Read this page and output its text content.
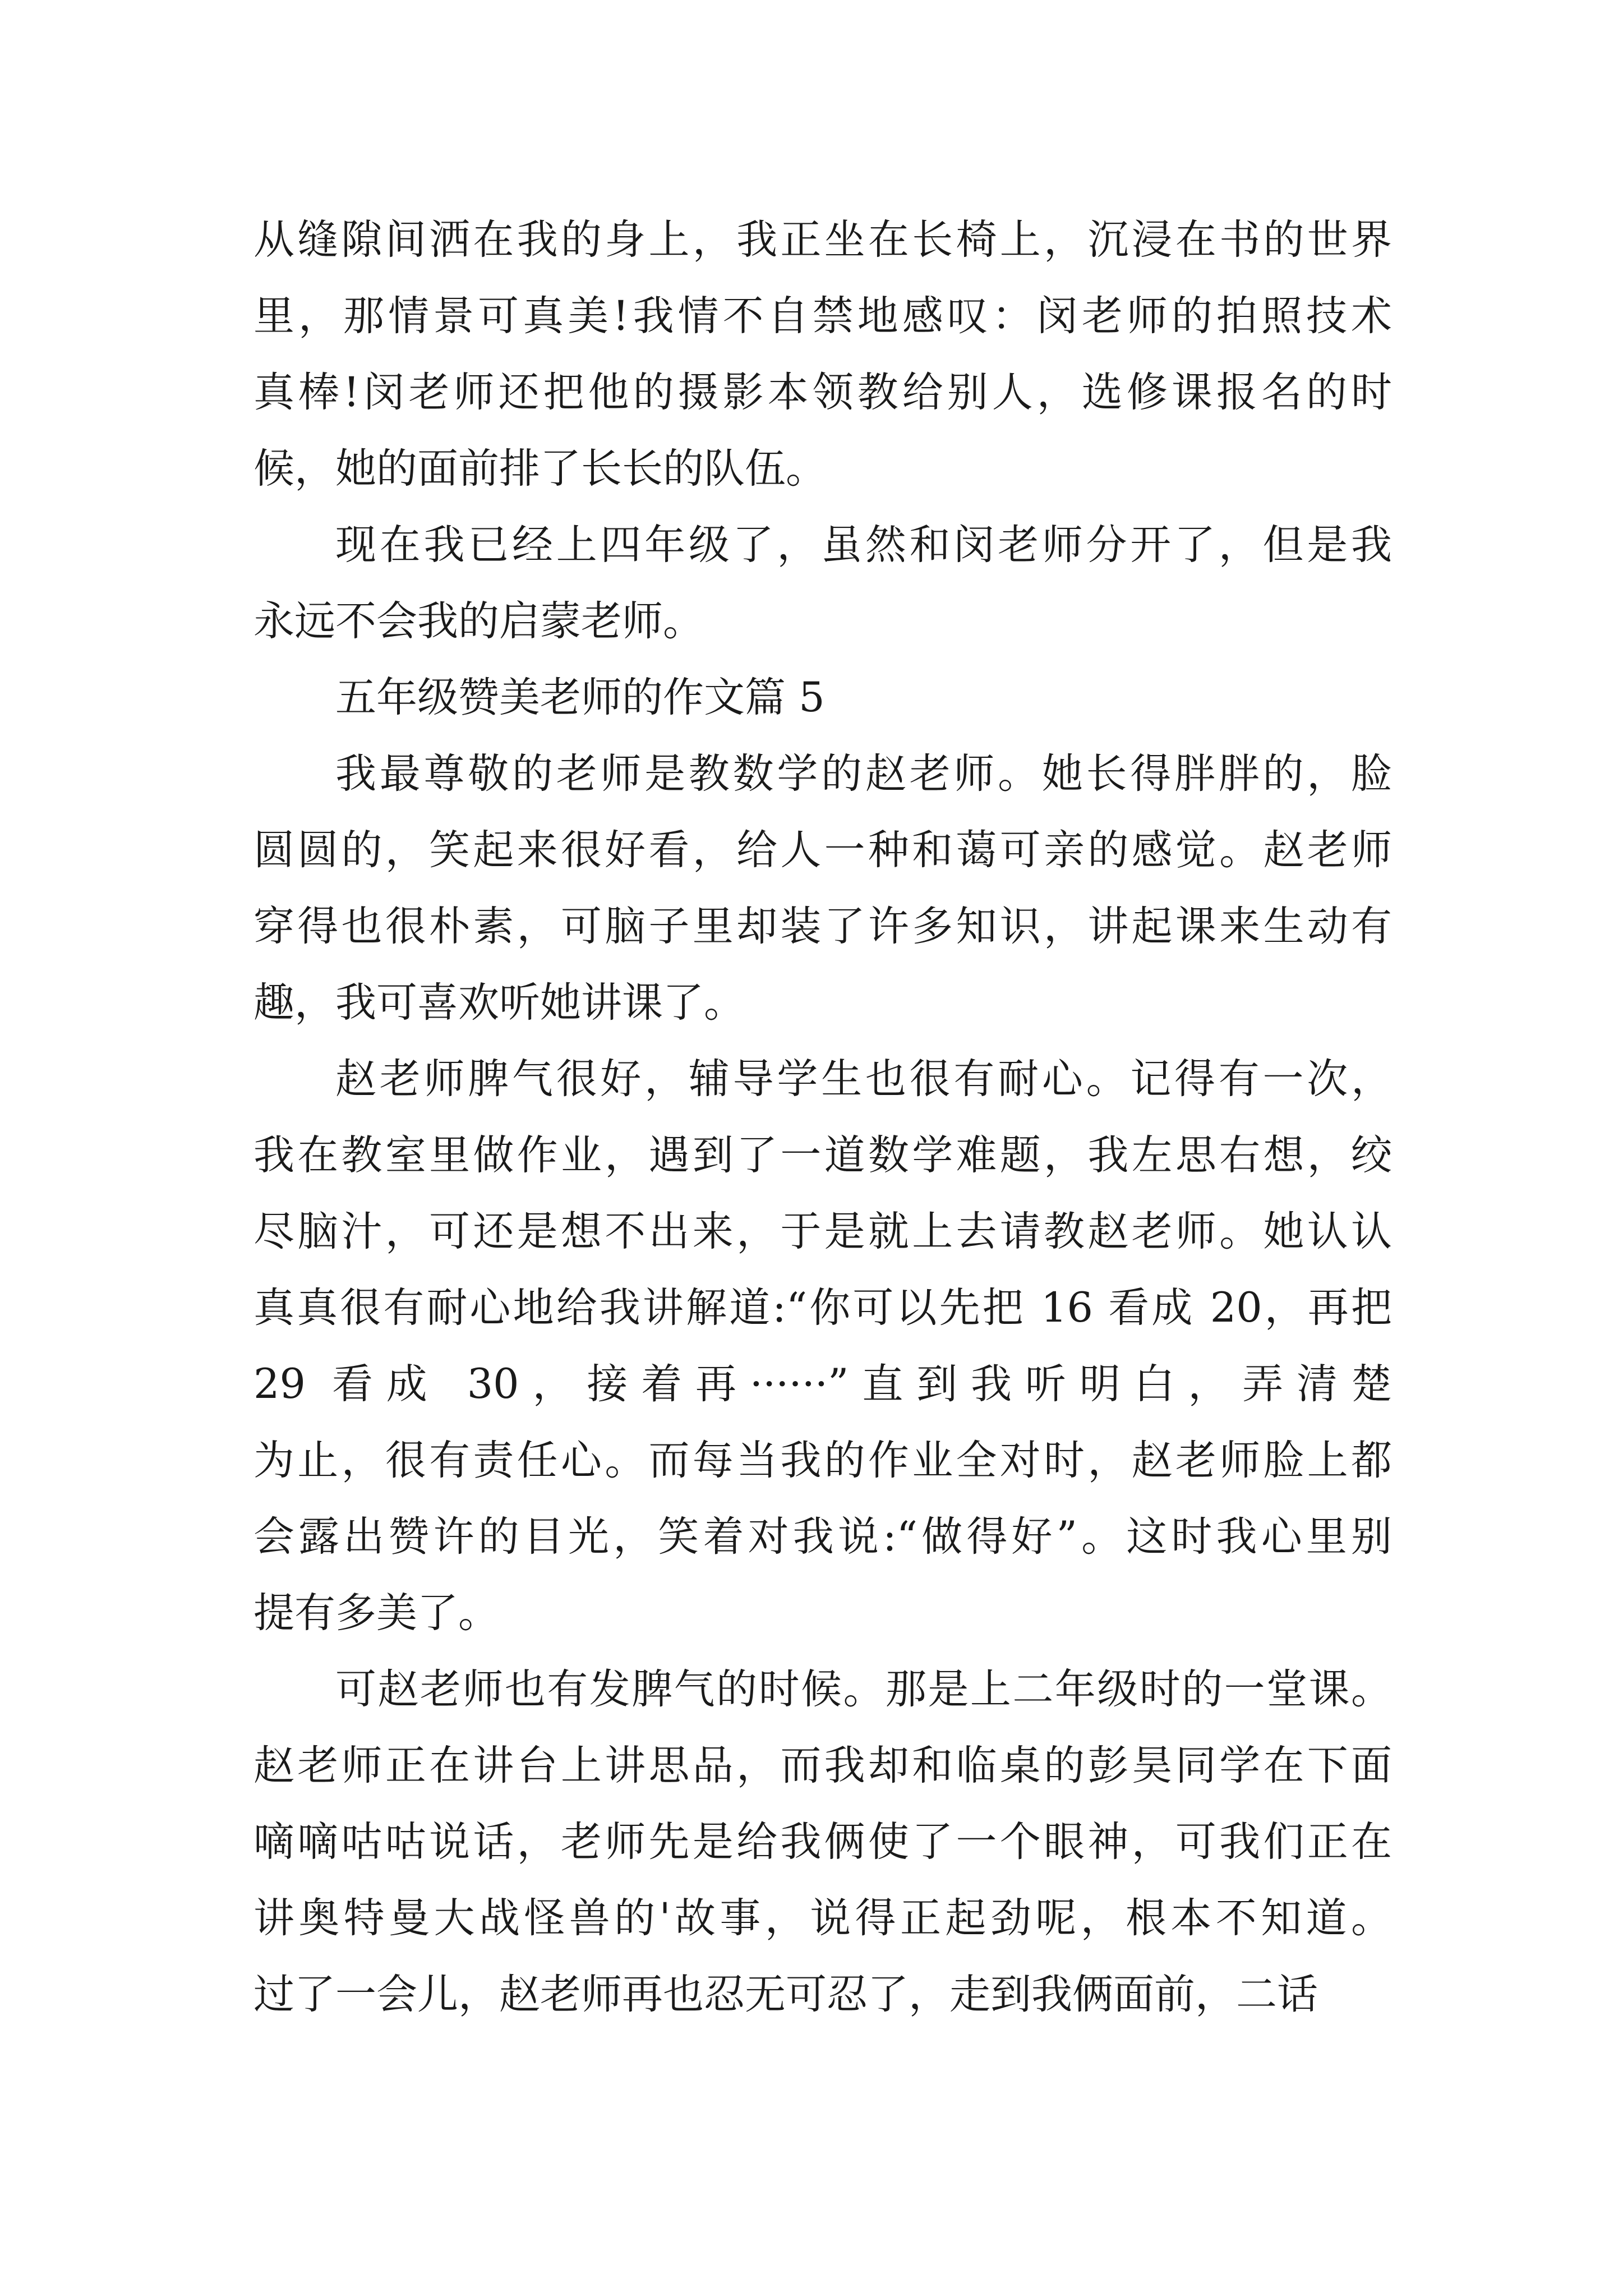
从缝隙间洒在我的身上，我正坐在长椅上，沉浸在书的世界
里，那情景可真美!我情不自禁地感叹：闵老师的拍照技术
真棒!闵老师还把他的摄影本领教给别人，选修课报名的时
候，她的面前排了长长的队伍。
现在我已经上四年级了，虽然和闵老师分开了，但是我
永远不会我的启蒙老师。
五年级赞美老师的作文篇 5
我最尊敬的老师是教数学的赵老师。她长得胖胖的，脸
圆圆的，笑起来很好看，给人一种和蔼可亲的感觉。赵老师
穿得也很朴素，可脑子里却装了许多知识，讲起课来生动有
趣，我可喜欢听她讲课了。
赵老师脾气很好，辅导学生也很有耐心。记得有一次，
我在教室里做作业，遇到了一道数学难题，我左思右想，绞
尽脑汁，可还是想不出来，于是就上去请教赵老师。她认认
真真很有耐心地给我讲解道:“你可以先把 16 看成 20，再把
29 看成 30，接着再······”直到我听明白，弄清楚
为止，很有责任心。而每当我的作业全对时，赵老师脸上都
会露出赞许的目光，笑着对我说:“做得好”。这时我心里别
提有多美了。
可赵老师也有发脾气的时候。那是上二年级时的一堂课。
赵老师正在讲台上讲思品，而我却和临桌的彭昊同学在下面
嘀嘀咕咕说话，老师先是给我俩使了一个眼神，可我们正在
讲奥特曼大战怪兽的'故事，说得正起劲呢，根本不知道。
过了一会儿，赵老师再也忍无可忍了，走到我俩面前，二话
